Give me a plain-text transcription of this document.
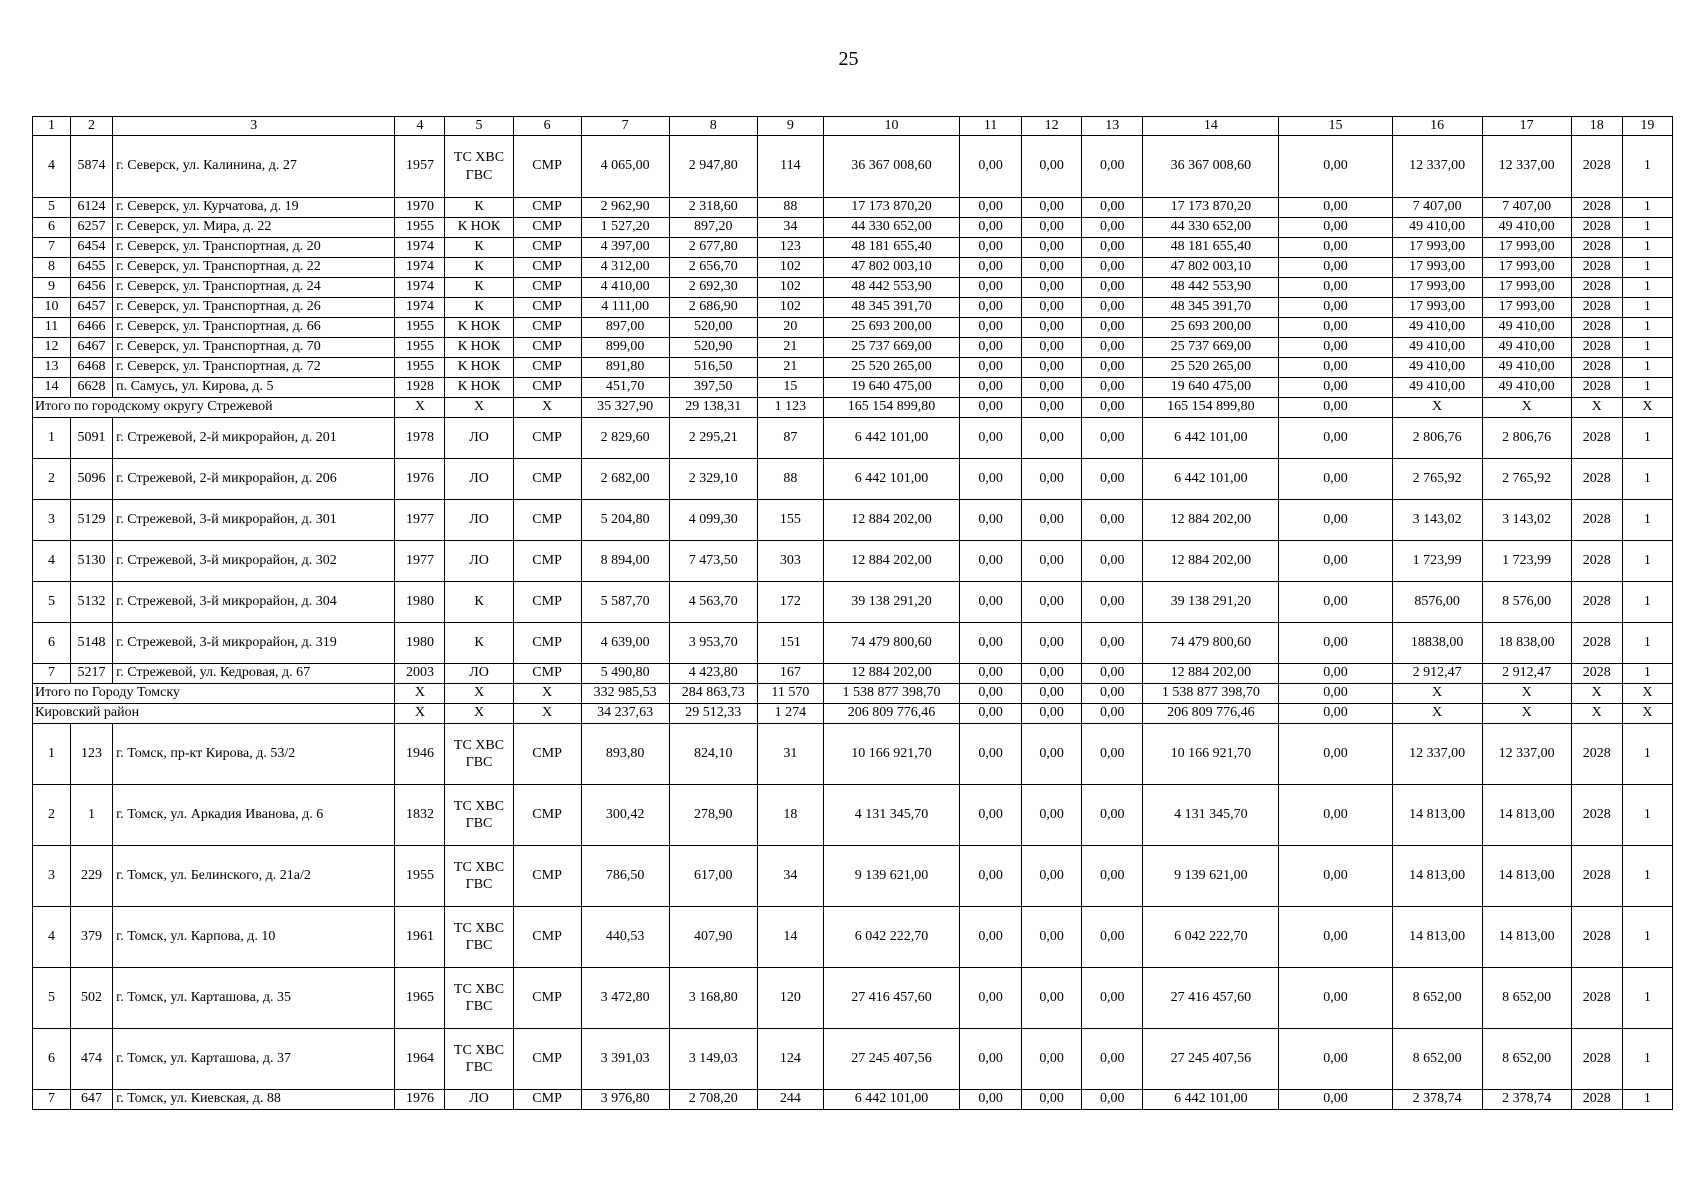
25
1	2	3	4	5	6	7	8	9	10	11	12	13	14	15	16	17	18	19
4	5874	г. Северск, ул. Калинина, д. 27	1957	ТС ХВС ГВС	СМР	4 065,00	2 947,80	114	36 367 008,60	0,00	0,00	0,00	36 367 008,60	0,00	12 337,00	12 337,00	2028	1
5	6124	г. Северск, ул. Курчатова, д. 19	1970	К	СМР	2 962,90	2 318,60	88	17 173 870,20	0,00	0,00	0,00	17 173 870,20	0,00	7 407,00	7 407,00	2028	1
6	6257	г. Северск, ул. Мира, д. 22	1955	К НОК	СМР	1 527,20	897,20	34	44 330 652,00	0,00	0,00	0,00	44 330 652,00	0,00	49 410,00	49 410,00	2028	1
7	6454	г. Северск, ул. Транспортная, д. 20	1974	К	СМР	4 397,00	2 677,80	123	48 181 655,40	0,00	0,00	0,00	48 181 655,40	0,00	17 993,00	17 993,00	2028	1
8	6455	г. Северск, ул. Транспортная, д. 22	1974	К	СМР	4 312,00	2 656,70	102	47 802 003,10	0,00	0,00	0,00	47 802 003,10	0,00	17 993,00	17 993,00	2028	1
9	6456	г. Северск, ул. Транспортная, д. 24	1974	К	СМР	4 410,00	2 692,30	102	48 442 553,90	0,00	0,00	0,00	48 442 553,90	0,00	17 993,00	17 993,00	2028	1
10	6457	г. Северск, ул. Транспортная, д. 26	1974	К	СМР	4 111,00	2 686,90	102	48 345 391,70	0,00	0,00	0,00	48 345 391,70	0,00	17 993,00	17 993,00	2028	1
11	6466	г. Северск, ул. Транспортная, д. 66	1955	К НОК	СМР	897,00	520,00	20	25 693 200,00	0,00	0,00	0,00	25 693 200,00	0,00	49 410,00	49 410,00	2028	1
12	6467	г. Северск, ул. Транспортная, д. 70	1955	К НОК	СМР	899,00	520,90	21	25 737 669,00	0,00	0,00	0,00	25 737 669,00	0,00	49 410,00	49 410,00	2028	1
13	6468	г. Северск, ул. Транспортная, д. 72	1955	К НОК	СМР	891,80	516,50	21	25 520 265,00	0,00	0,00	0,00	25 520 265,00	0,00	49 410,00	49 410,00	2028	1
14	6628	п. Самусь, ул. Кирова, д. 5	1928	К НОК	СМР	451,70	397,50	15	19 640 475,00	0,00	0,00	0,00	19 640 475,00	0,00	49 410,00	49 410,00	2028	1
Итого по городскому округу Стрежевой			Х	Х	Х	35 327,90	29 138,31	1 123	165 154 899,80	0,00	0,00	0,00	165 154 899,80	0,00	Х	Х	Х	Х
1	5091	г. Стрежевой, 2-й микрорайон, д. 201	1978	ЛО	СМР	2 829,60	2 295,21	87	6 442 101,00	0,00	0,00	0,00	6 442 101,00	0,00	2 806,76	2 806,76	2028	1
2	5096	г. Стрежевой, 2-й микрорайон, д. 206	1976	ЛО	СМР	2 682,00	2 329,10	88	6 442 101,00	0,00	0,00	0,00	6 442 101,00	0,00	2 765,92	2 765,92	2028	1
3	5129	г. Стрежевой, 3-й микрорайон, д. 301	1977	ЛО	СМР	5 204,80	4 099,30	155	12 884 202,00	0,00	0,00	0,00	12 884 202,00	0,00	3 143,02	3 143,02	2028	1
4	5130	г. Стрежевой, 3-й микрорайон, д. 302	1977	ЛО	СМР	8 894,00	7 473,50	303	12 884 202,00	0,00	0,00	0,00	12 884 202,00	0,00	1 723,99	1 723,99	2028	1
5	5132	г. Стрежевой, 3-й микрорайон, д. 304	1980	К	СМР	5 587,70	4 563,70	172	39 138 291,20	0,00	0,00	0,00	39 138 291,20	0,00	8576,00	8 576,00	2028	1
6	5148	г. Стрежевой, 3-й микрорайон, д. 319	1980	К	СМР	4 639,00	3 953,70	151	74 479 800,60	0,00	0,00	0,00	74 479 800,60	0,00	18838,00	18 838,00	2028	1
7	5217	г. Стрежевой, ул. Кедровая, д. 67	2003	ЛО	СМР	5 490,80	4 423,80	167	12 884 202,00	0,00	0,00	0,00	12 884 202,00	0,00	2 912,47	2 912,47	2028	1
Итого по Городу Томску			Х	Х	Х	332 985,53	284 863,73	11 570	1 538 877 398,70	0,00	0,00	0,00	1 538 877 398,70	0,00	Х	Х	Х	Х
Кировский район			Х	Х	Х	34 237,63	29 512,33	1 274	206 809 776,46	0,00	0,00	0,00	206 809 776,46	0,00	Х	Х	Х	Х
1	123	г. Томск, пр-кт Кирова, д. 53/2	1946	ТС ХВС ГВС	СМР	893,80	824,10	31	10 166 921,70	0,00	0,00	0,00	10 166 921,70	0,00	12 337,00	12 337,00	2028	1
2	1	г. Томск, ул. Аркадия Иванова, д. 6	1832	ТС ХВС ГВС	СМР	300,42	278,90	18	4 131 345,70	0,00	0,00	0,00	4 131 345,70	0,00	14 813,00	14 813,00	2028	1
3	229	г. Томск, ул. Белинского, д. 21а/2	1955	ТС ХВС ГВС	СМР	786,50	617,00	34	9 139 621,00	0,00	0,00	0,00	9 139 621,00	0,00	14 813,00	14 813,00	2028	1
4	379	г. Томск, ул. Карпова, д. 10	1961	ТС ХВС ГВС	СМР	440,53	407,90	14	6 042 222,70	0,00	0,00	0,00	6 042 222,70	0,00	14 813,00	14 813,00	2028	1
5	502	г. Томск, ул. Карташова, д. 35	1965	ТС ХВС ГВС	СМР	3 472,80	3 168,80	120	27 416 457,60	0,00	0,00	0,00	27 416 457,60	0,00	8 652,00	8 652,00	2028	1
6	474	г. Томск, ул. Карташова, д. 37	1964	ТС ХВС ГВС	СМР	3 391,03	3 149,03	124	27 245 407,56	0,00	0,00	0,00	27 245 407,56	0,00	8 652,00	8 652,00	2028	1
7	647	г. Томск, ул. Киевская, д. 88	1976	ЛО	СМР	3 976,80	2 708,20	244	6 442 101,00	0,00	0,00	0,00	6 442 101,00	0,00	2 378,74	2 378,74	2028	1
